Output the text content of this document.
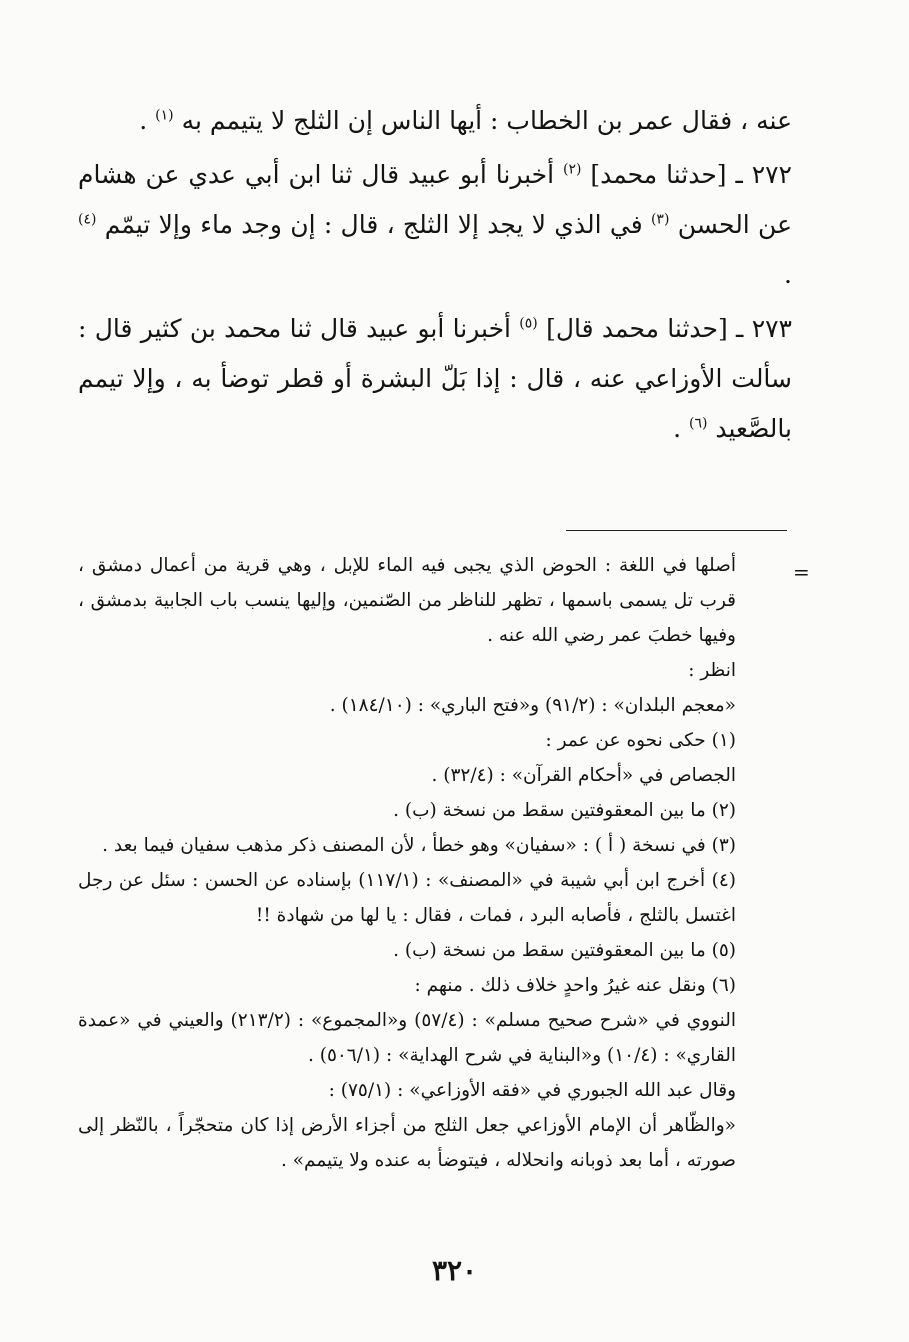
عنه ، فقال عمر بن الخطاب : أيها الناس إن الثلج لا يتيمم به $^{(١)}$ .

٢٧٢ ـ [حدثنا محمد] $^{(٢)}$ أخبرنا أبو عبيد قال ثنا ابن أبي عدي عن هشام عن الحسن $^{(٣)}$ في الذي لا يجد إلا الثلج ، قال : إن وجد ماء وإلا تيمّم $^{(٤)}$ .

٢٧٣ ـ [حدثنا محمد قال] $^{(٥)}$ أخبرنا أبو عبيد قال ثنا محمد بن كثير قال : سألت الأوزاعي عنه ، قال : إذا بَلّ البشرة أو قطر توضأ به ، وإلا تيمم بالصَّعيد $^{(٦)}$ .

=

أصلها في اللغة : الحوض الذي يجبى فيه الماء للإبل ، وهي قرية من أعمال دمشق ، قرب تل يسمى باسمها ، تظهر للناظر من الصّنمين، وإليها ينسب باب الجابية بدمشق ، وفيها خطبَ عمر رضي الله عنه .

انظر :

«معجم البلدان» : (٩١/٢) و«فتح الباري» : (١٨٤/١٠) .

(١) حكى نحوه عن عمر :

الجصاص في «أحكام القرآن» : (٣٢/٤) .

(٢) ما بين المعقوفتين سقط من نسخة (ب) .

(٣) في نسخة ( أ ) : «سفيان» وهو خطأ ، لأن المصنف ذكر مذهب سفيان فيما بعد .

(٤) أخرج ابن أبي شيبة في «المصنف» : (١١٧/١) بإسناده عن الحسن : سئل عن رجل اغتسل بالثلج ، فأصابه البرد ، فمات ، فقال : يا لها من شهادة !!

(٥) ما بين المعقوفتين سقط من نسخة (ب) .

(٦) ونقل عنه غيرُ واحدٍ خلاف ذلك . منهم :

النووي في «شرح صحيح مسلم» : (٥٧/٤) و«المجموع» : (٢١٣/٢) والعيني في «عمدة القاري» : (١٠/٤) و«البناية في شرح الهداية» : (٥٠٦/١) .

وقال عبد الله الجبوري في «فقه الأوزاعي» : (٧٥/١) :

«والظّاهر أن الإمام الأوزاعي جعل الثلج من أجزاء الأرض إذا كان متحجّراً ، بالنّظر إلى صورته ، أما بعد ذوبانه وانحلاله ، فيتوضأ به عنده ولا يتيمم» .

٣٢٠
